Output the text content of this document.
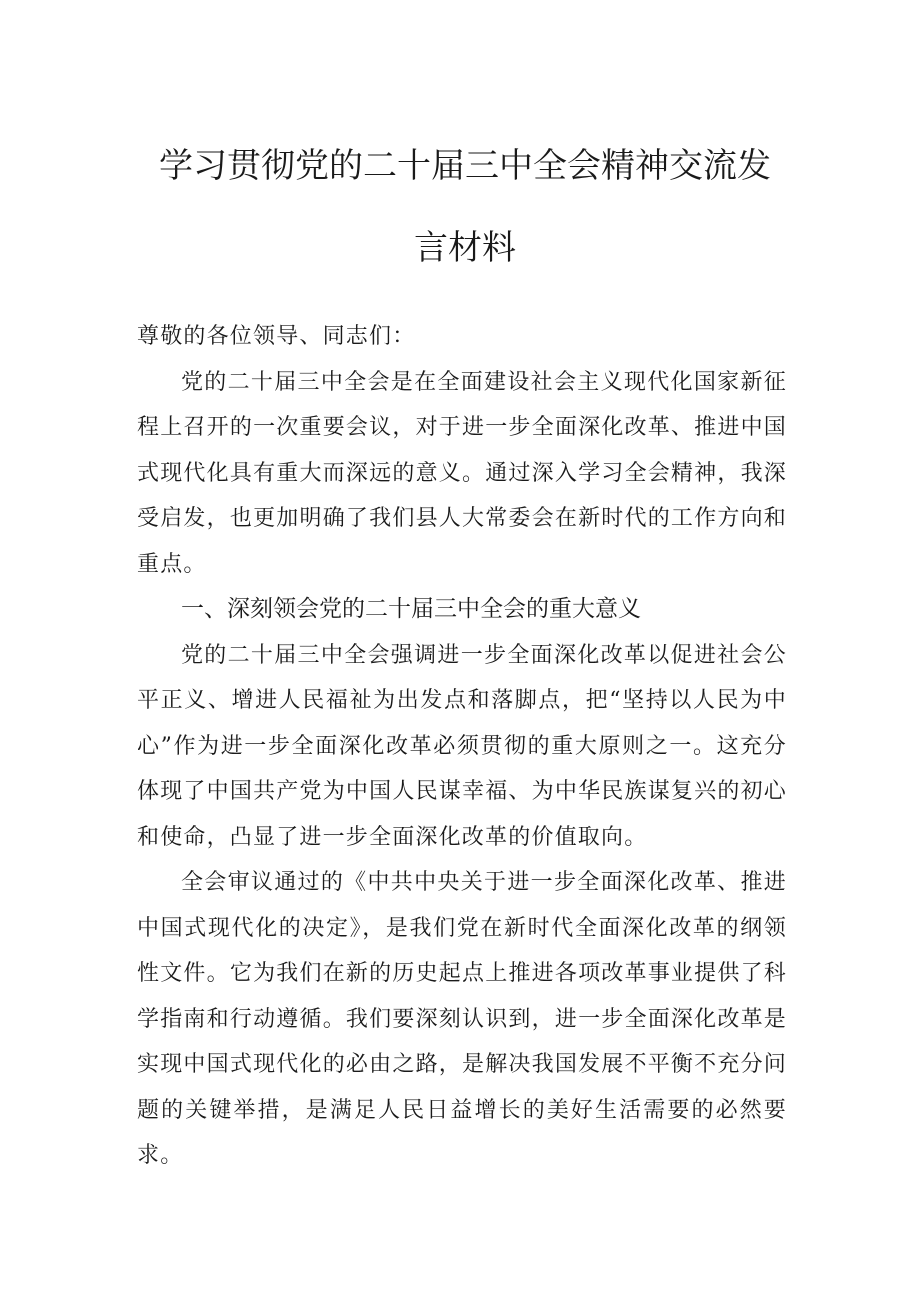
学习贯彻党的二十届三中全会精神交流发
言材料

尊敬的各位领导、同志们：

党的二十届三中全会是在全面建设社会主义现代化国家新征程上召开的一次重要会议，对于进一步全面深化改革、推进中国式现代化具有重大而深远的意义。通过深入学习全会精神，我深受启发，也更加明确了我们县人大常委会在新时代的工作方向和重点。

一、深刻领会党的二十届三中全会的重大意义

党的二十届三中全会强调进一步全面深化改革以促进社会公平正义、增进人民福祉为出发点和落脚点，把“坚持以人民为中心”作为进一步全面深化改革必须贯彻的重大原则之一。这充分体现了中国共产党为中国人民谋幸福、为中华民族谋复兴的初心和使命，凸显了进一步全面深化改革的价值取向。

全会审议通过的《中共中央关于进一步全面深化改革、推进中国式现代化的决定》，是我们党在新时代全面深化改革的纲领性文件。它为我们在新的历史起点上推进各项改革事业提供了科学指南和行动遵循。我们要深刻认识到，进一步全面深化改革是实现中国式现代化的必由之路，是解决我国发展不平衡不充分问题的关键举措，是满足人民日益增长的美好生活需要的必然要求。
